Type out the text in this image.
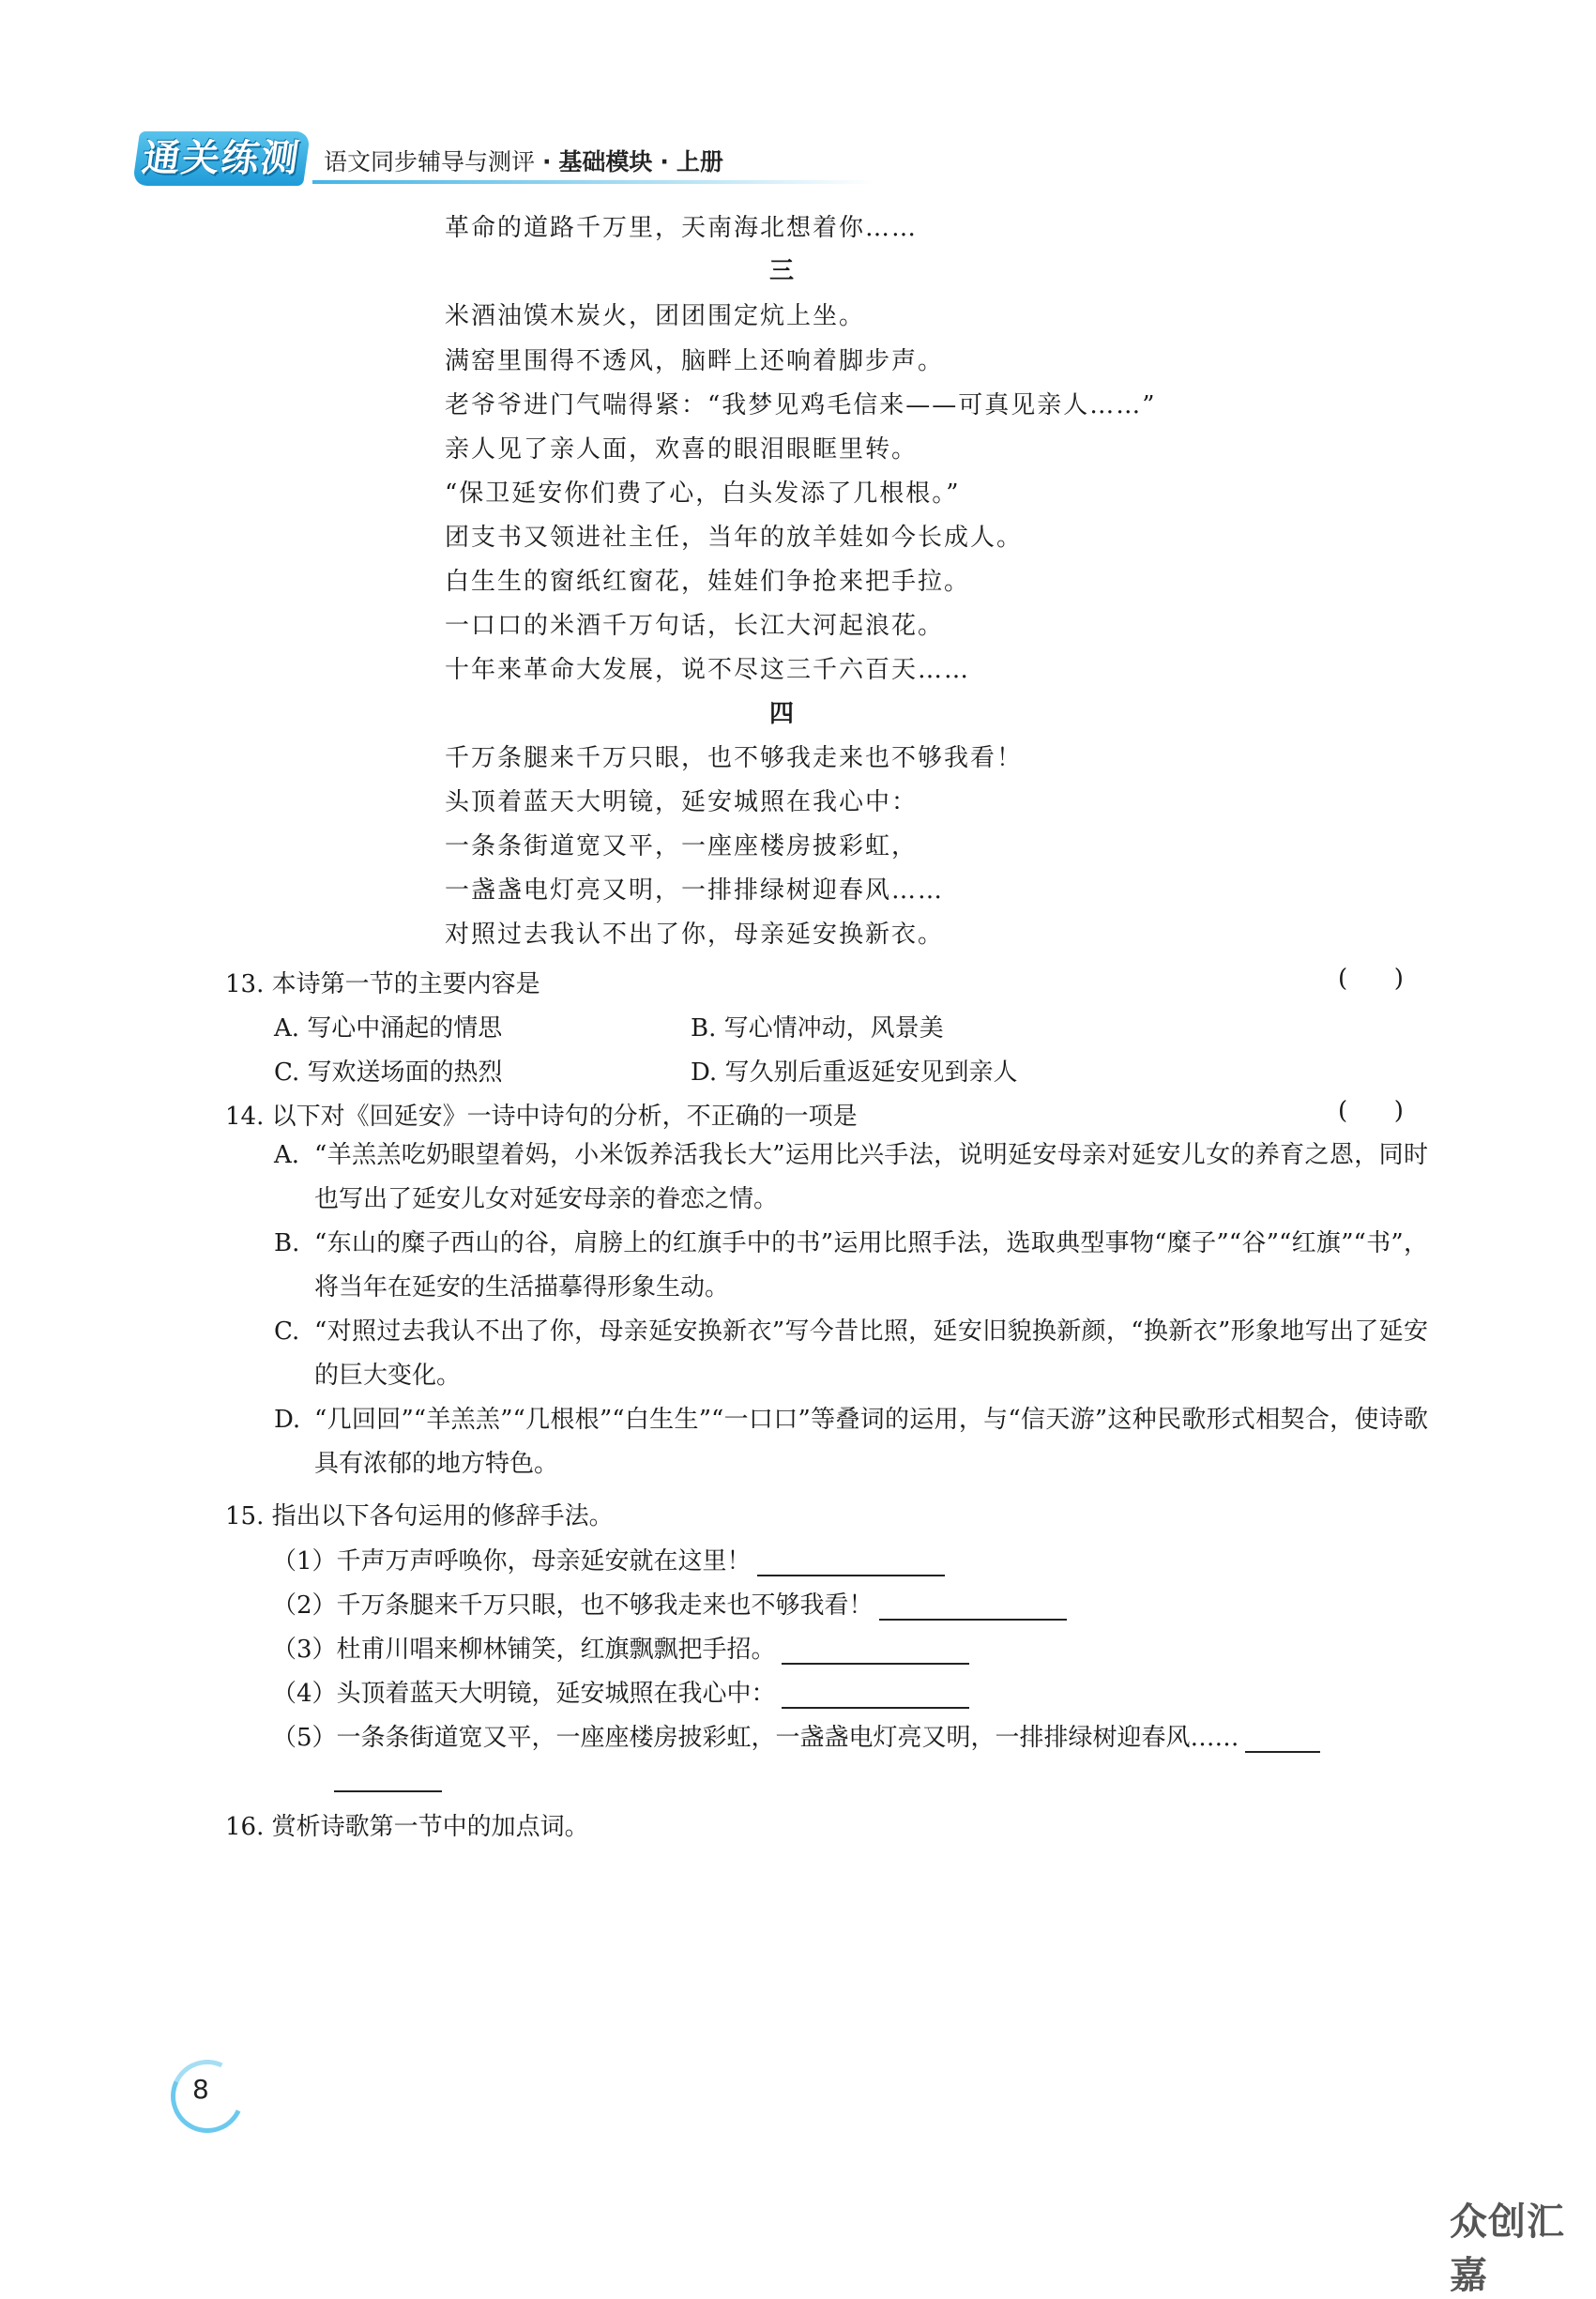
通关练测 语文同步辅导与测评 · 基础模块 · 上册
革命的道路千万里，天南海北想着你……
三
米酒油馍木炭火，团团围定炕上坐。
满窑里围得不透风，脑畔上还响着脚步声。
老爷爷进门气喘得紧：“我梦见鸡毛信来——可真见亲人……”
亲人见了亲人面，欢喜的眼泪眼眶里转。
“保卫延安你们费了心，白头发添了几根根。”
团支书又领进社主任，当年的放羊娃如今长成人。
白生生的窗纸红窗花，娃娃们争抢来把手拉。
一口口的米酒千万句话，长江大河起浪花。
十年来革命大发展，说不尽这三千六百天……
四
千万条腿来千万只眼，也不够我走来也不够我看！
头顶着蓝天大明镜，延安城照在我心中：
一条条街道宽又平，一座座楼房披彩虹，
一盏盏电灯亮又明，一排排绿树迎春风……
对照过去我认不出了你，母亲延安换新衣。
13. 本诗第一节的主要内容是	(      )
A. 写心中涌起的情思	B. 写心情冲动，风景美
C. 写欢送场面的热烈	D. 写久别后重返延安见到亲人
14. 以下对《回延安》一诗中诗句的分析，不正确的一项是	(      )
A. “羊羔羔吃奶眼望着妈，小米饭养活我长大”运用比兴手法，说明延安母亲对延安儿女的养育之恩，同时也写出了延安儿女对延安母亲的眷恋之情。
B. “东山的糜子西山的谷，肩膀上的红旗手中的书”运用比照手法，选取典型事物“糜子”“谷”“红旗”“书”，将当年在延安的生活描摹得形象生动。
C. “对照过去我认不出了你，母亲延安换新衣”写今昔比照，延安旧貌换新颜，“换新衣”形象地写出了延安的巨大变化。
D. “几回回”“羊羔羔”“几根根”“白生生”“一口口”等叠词的运用，与“信天游”这种民歌形式相契合，使诗歌具有浓郁的地方特色。
15. 指出以下各句运用的修辞手法。
（1）千声万声呼唤你，母亲延安就在这里！
（2）千万条腿来千万只眼，也不够我走来也不够我看！
（3）杜甫川唱来柳林铺笑，红旗飘飘把手招。
（4）头顶着蓝天大明镜，延安城照在我心中：
（5）一条条街道宽又平，一座座楼房披彩虹，一盏盏电灯亮又明，一排排绿树迎春风……
16. 赏析诗歌第一节中的加点词。
8
众创汇嘉
